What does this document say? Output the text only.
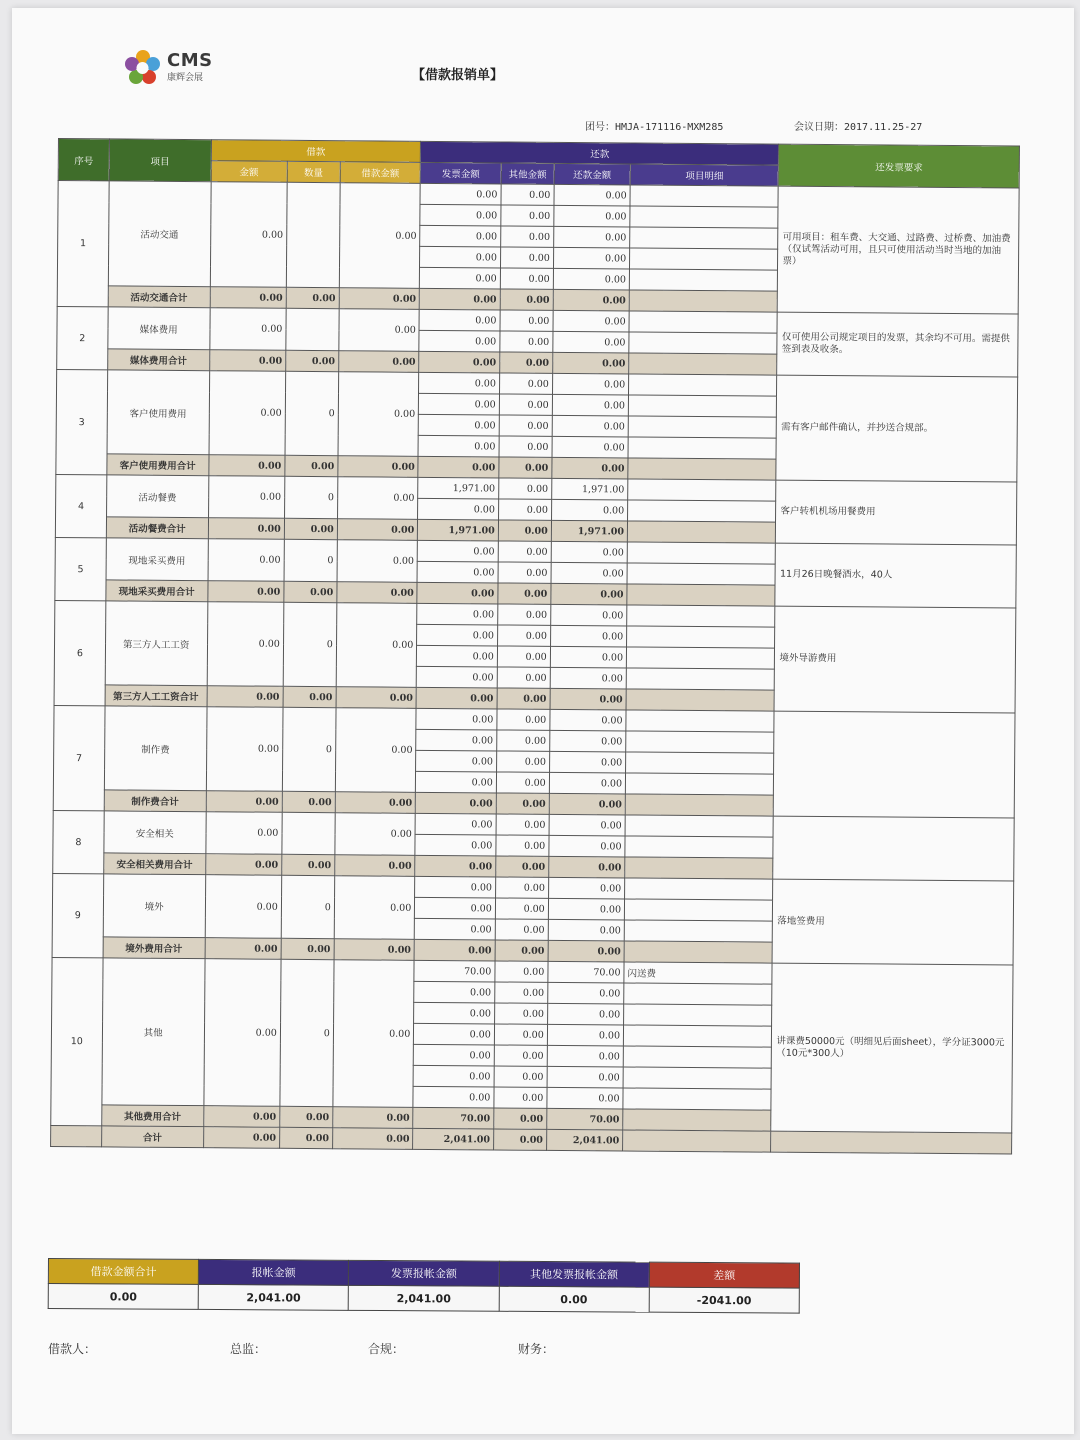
CMS
康辉会展	【借款报销单】
团号：HMJA-171116-MXM285	会议日期：2017.11.25-27
序号	项目	借款			还款				还发票要求
		金额	数量	借款金额	发票金额	其他金额	还款金额	项目明细	
1	活动交通	0.00		0.00	0.00	0.00	0.00		可用项目：租车费、大交通、过路费、过桥费、加油费（仅试驾活动可用，且只可使用活动当时当地的加油票）
					0.00	0.00	0.00		
					0.00	0.00	0.00		
					0.00	0.00	0.00		
					0.00	0.00	0.00		
	活动交通合计	0.00	0.00	0.00	0.00	0.00	0.00		
2	媒体费用	0.00		0.00	0.00	0.00	0.00		仅可使用公司规定项目的发票，其余均不可用。需提供签到表及收条。
					0.00	0.00	0.00		
	媒体费用合计	0.00	0.00	0.00	0.00	0.00	0.00		
3	客户使用费用	0.00	0	0.00	0.00	0.00	0.00		需有客户邮件确认，并抄送合规部。
					0.00	0.00	0.00		
					0.00	0.00	0.00		
					0.00	0.00	0.00		
	客户使用费用合计	0.00	0.00	0.00	0.00	0.00	0.00		
4	活动餐费	0.00	0	0.00	1,971.00	0.00	1,971.00		客户转机机场用餐费用
					0.00	0.00	0.00		
	活动餐费合计	0.00	0.00	0.00	1,971.00	0.00	1,971.00		
5	现地采买费用	0.00	0	0.00	0.00	0.00	0.00		11月26日晚餐酒水，40人
					0.00	0.00	0.00		
	现地采买费用合计	0.00	0.00	0.00	0.00	0.00	0.00		
6	第三方人工工资	0.00	0	0.00	0.00	0.00	0.00		境外导游费用
					0.00	0.00	0.00		
					0.00	0.00	0.00		
					0.00	0.00	0.00		
	第三方人工工资合计	0.00	0.00	0.00	0.00	0.00	0.00		
7	制作费	0.00	0	0.00	0.00	0.00	0.00		
					0.00	0.00	0.00		
					0.00	0.00	0.00		
					0.00	0.00	0.00		
	制作费合计	0.00	0.00	0.00	0.00	0.00	0.00		
8	安全相关	0.00		0.00	0.00	0.00	0.00		
					0.00	0.00	0.00		
	安全相关费用合计	0.00	0.00	0.00	0.00	0.00	0.00		
9	境外	0.00	0	0.00	0.00	0.00	0.00		落地签费用
					0.00	0.00	0.00		
					0.00	0.00	0.00		
	境外费用合计	0.00	0.00	0.00	0.00	0.00	0.00		
10	其他	0.00	0	0.00	70.00	0.00	70.00	闪送费	讲课费50000元（明细见后面sheet），学分证3000元（10元*300人）
					0.00	0.00	0.00		
					0.00	0.00	0.00		
					0.00	0.00	0.00		
					0.00	0.00	0.00		
					0.00	0.00	0.00		
					0.00	0.00	0.00		
	其他费用合计	0.00	0.00	0.00	70.00	0.00	70.00		
	合计	0.00	0.00	0.00	2,041.00	0.00	2,041.00		
借款金额合计	报帐金额	发票报帐金额	其他发票报帐金额	差额
0.00	2,041.00	2,041.00	0.00	-2041.00
借款人：	总监：	合规：	财务：
